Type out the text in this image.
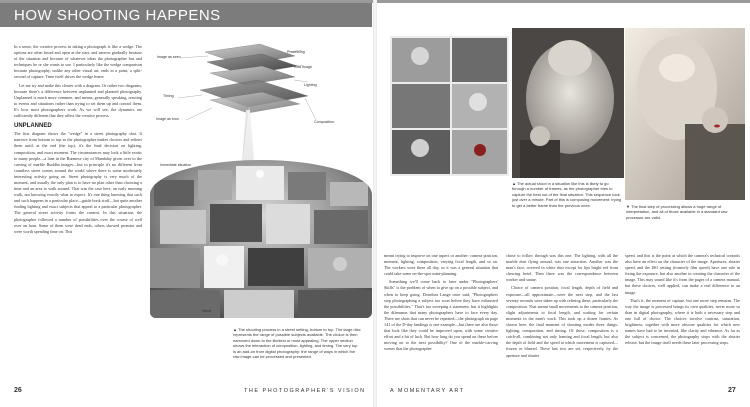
HOW SHOOTING HAPPENS

In a sense, the creative process in taking a photograph is like a wedge. The options are often broad and open at the start, and narrow gradually because of the situation and because of whatever ideas the photographer has and techniques he or she wants to use. I particularly like the wedge comparison because photography, unlike any other visual art, ends in a point, a split-second of capture. Time itself drives the wedge home.

Let me try and make this clearer with a diagram. Or rather two diagrams, because there's a difference between unplanned and planned photography. Unplanned is much more common, and means, generally speaking, reacting to events and situations rather than trying to set them up and control them. It's how most photographers work. As we will see, the dynamics are sufficiently different that they affect the creative process.

UNPLANNED

The first diagram shows the "wedge" in a street photography shot. It narrows from bottom to top as the photographer makes choices and refines them until, at the end (the top), it's the final decision on lighting, composition, and exact moment. The circumstances may look a little exotic to many people—a lane in the Burmese city of Mandalay given over to the carving of marble Buddha images—but in principle it's no different from countless street scenes around the world where there is some moderately interesting activity going on. Street photography is very much of the moment, and usually the only plan is to have no plan other than choosing a time and an area to walk around. That was the case here, an early morning walk, not knowing exactly what to expect. It's one thing knowing that such and such happens in a particular place—guide book stuff—but quite another finding lighting and exact subjects that appeal to a particular photographer. The general street activity forms the context. In this situation, the photographer followed a number of possibilities over the course of well over an hour. Some of them were dead ends, others showed promise and were worth spending time on. This

Image as seen
Processing
Raw image
Lighting
Timing
Image as shot
Composition
Immediate situation
Intent
▲ The shooting process in a street setting, bottom to top. The large disc represents the range of possible subjects available. The choice is then narrowed down to the likeliest or most appealing. The upper section shows the interaction of composition, lighting, and timing. The very top is an add-on from digital photography: the range of ways in which the raw image can be processed and presented.

meant trying to improve on one aspect or another: camera position, moment, lighting, composition, varying focal length, and so on. The workers were there all day, so it was a general situation that could take some on-the-spot mini-planning.

Something we'll come back to later under "Photographers' Skills" is the problem of when to give up on a possible subject, and when to keep going. Dorothea Lange once said, "Photographers stop photographing a subject too soon before they have exhausted the possibilities." That's too sweeping a statement, but it highlights the dilemmas that many photographers have to face every day. There are shots that can never be repeated—the photograph on page 141 of the D-day landings is one example—but there are also those that look like they could be improved upon, with some creative effort and a bit of luck. But how long do you spend on these before moving on to the next possibility? One of the marble-carving scenes that the photographer

chose to follow through was this one. The lighting, with all the marble dust flying around, was one attraction. Another was the man's face, covered in white dust except for lips bright red from chewing betel. Then there was the correspondence between worker and statue.

Choice of camera position, focal length, depth of field and exposure—all approximate—were the next step, and the last seventy seconds were taken up with refining these, particularly the composition. That meant small movements to the camera position, slight adjustments to focal length, and waiting for certain moments in the man's work. This took up a dozen frames. As shown here, the final moment of shooting modes three things: lighting, composition, and timing. Of these, composition is a catch-all, combining not only framing and focal length, but also the depth of field and the speed at which movement is captured—frozen or blurred. These last two are set, respectively, by the aperture and shutter

speed, and this is the point at which the camera's technical controls also have an effect on the character of the image. Apertures, shutter speed, and the ISO setting (formerly film speed) have one role in fixing the exposure, but also another in creating the character of the image. This may sound like it's from the pages of a camera manual, but these choices, well applied, can make a real difference to an image.

That's it, the moment of capture, but one more step remains. The way the image is processed brings its own qualities, never more so than in digital photography, where it is both a necessary step and one full of choice. The choices involve contrast, saturation, brightness, together with more obscure qualities for which new names have had to be invented, like clarity and vibrance. As far as the subject is concerned, the photography stops with the shutter release, but the image itself needs these later processing steps.

▲ The actual shoot in a situation like this is likely to go through a number of frames, as the photographer tries to capture the best out of the final situation. This sequence took just over a minute. Part of this is composing movement: trying to get a better frame than the previous ones.	▼ The final step of processing allows a huge range of interpretation, and all of those available in a standard raw processor are valid.
26	THE PHOTOGRAPHER'S VISION	A MOMENTARY ART	27
